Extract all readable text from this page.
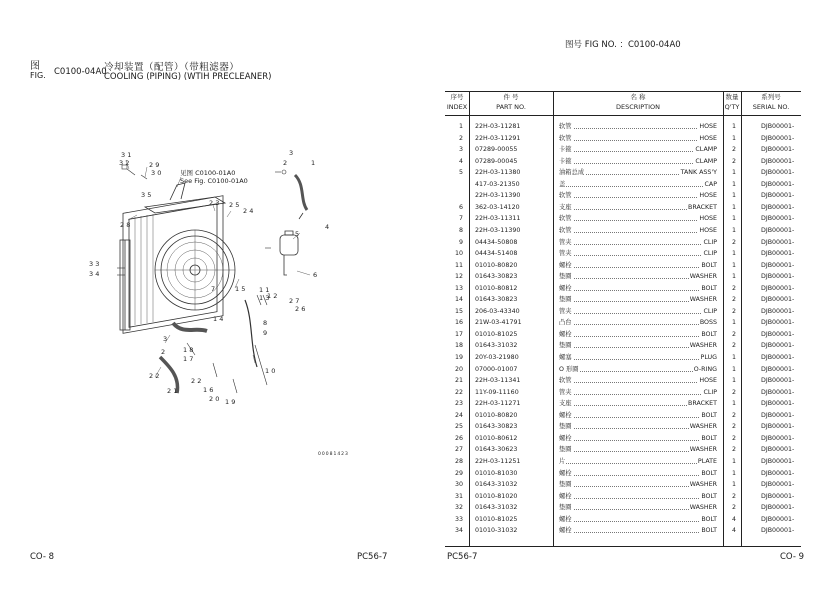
图
FIG. C0100-04A0
冷却装置（配管）（带粗滤器）
COOLING (PIPING) (WTIH PRECLEANER)
3 1
3 2	2 9
3 0
3 5
2 8
2 3 2 5
2 4
3
2	1
5
4
3 3
3 4	6
1 5 1 1
1 2
1 3
7
2 7
2 6
1 4	8
9
3
2	1 8
1 7
2 2
2 1
2 2
1 6
2 0 1 9
1 0
见图 C0100-01A0
See Fig. C0100-01A0
00081423
CO- 8	PC56-7
图号 FIG NO. ：C0100-04A0
序号
INDEX
件 号
PART NO.
名 称
DESCRIPTION
数量
Q'TY
系列号
SERIAL NO.
1 22H-03-11281	软管	HOSE	1	DJB00001-
2 22H-03-11291	软管	HOSE	1	DJB00001-
3 07289-00055	卡箍	CLAMP	2	DJB00001-
4 07289-00045	卡箍	CLAMP	2	DJB00001-
5 22H-03-11380	油箱总成	TANK ASS'Y	1	DJB00001-
417-03-21350	盖	CAP	1	DJB00001-
22H-03-11390	软管	HOSE	1	DJB00001-
6 362-03-14120	支座	BRACKET	1	DJB00001-
7 22H-03-11311	软管	HOSE	1	DJB00001-
8 22H-03-11390	软管	HOSE	1	DJB00001-
9 04434-50808	管夹	CLIP	2	DJB00001-
10 04434-51408	管夹	CLIP	1	DJB00001-
11 01010-80820	螺栓	BOLT	1	DJB00001-
12 01643-30823	垫圈	WASHER	1	DJB00001-
13 01010-80812	螺栓	BOLT	2	DJB00001-
14 01643-30823	垫圈	WASHER	2	DJB00001-
15 206-03-43340	管夹	CLIP	2	DJB00001-
16 21W-03-41791	凸台	BOSS	1	DJB00001-
17 01010-81025	螺栓	BOLT	2	DJB00001-
18 01643-31032	垫圈	WASHER	2	DJB00001-
19 20Y-03-21980	螺塞	PLUG	1	DJB00001-
20 07000-01007	O 形圈	O-RING	1	DJB00001-
21 22H-03-11341	软管	HOSE	1	DJB00001-
22 11Y-09-11160	管夹	CLIP	2	DJB00001-
23 22H-03-11271	支座	BRACKET	1	DJB00001-
24 01010-80820	螺栓	BOLT	2	DJB00001-
25 01643-30823	垫圈	WASHER	2	DJB00001-
26 01010-80612	螺栓	BOLT	2	DJB00001-
27 01643-30623	垫圈	WASHER	2	DJB00001-
28 22H-03-11251	片	PLATE	1	DJB00001-
29 01010-81030	螺栓	BOLT	1	DJB00001-
30 01643-31032	垫圈	WASHER	1	DJB00001-
31 01010-81020	螺栓	BOLT	2	DJB00001-
32 01643-31032	垫圈	WASHER	2	DJB00001-
33 01010-81025	螺栓	BOLT	4	DJB00001-
34 01010-31032	螺栓	BOLT	4	DJB00001-
PC56-7	CO- 9
